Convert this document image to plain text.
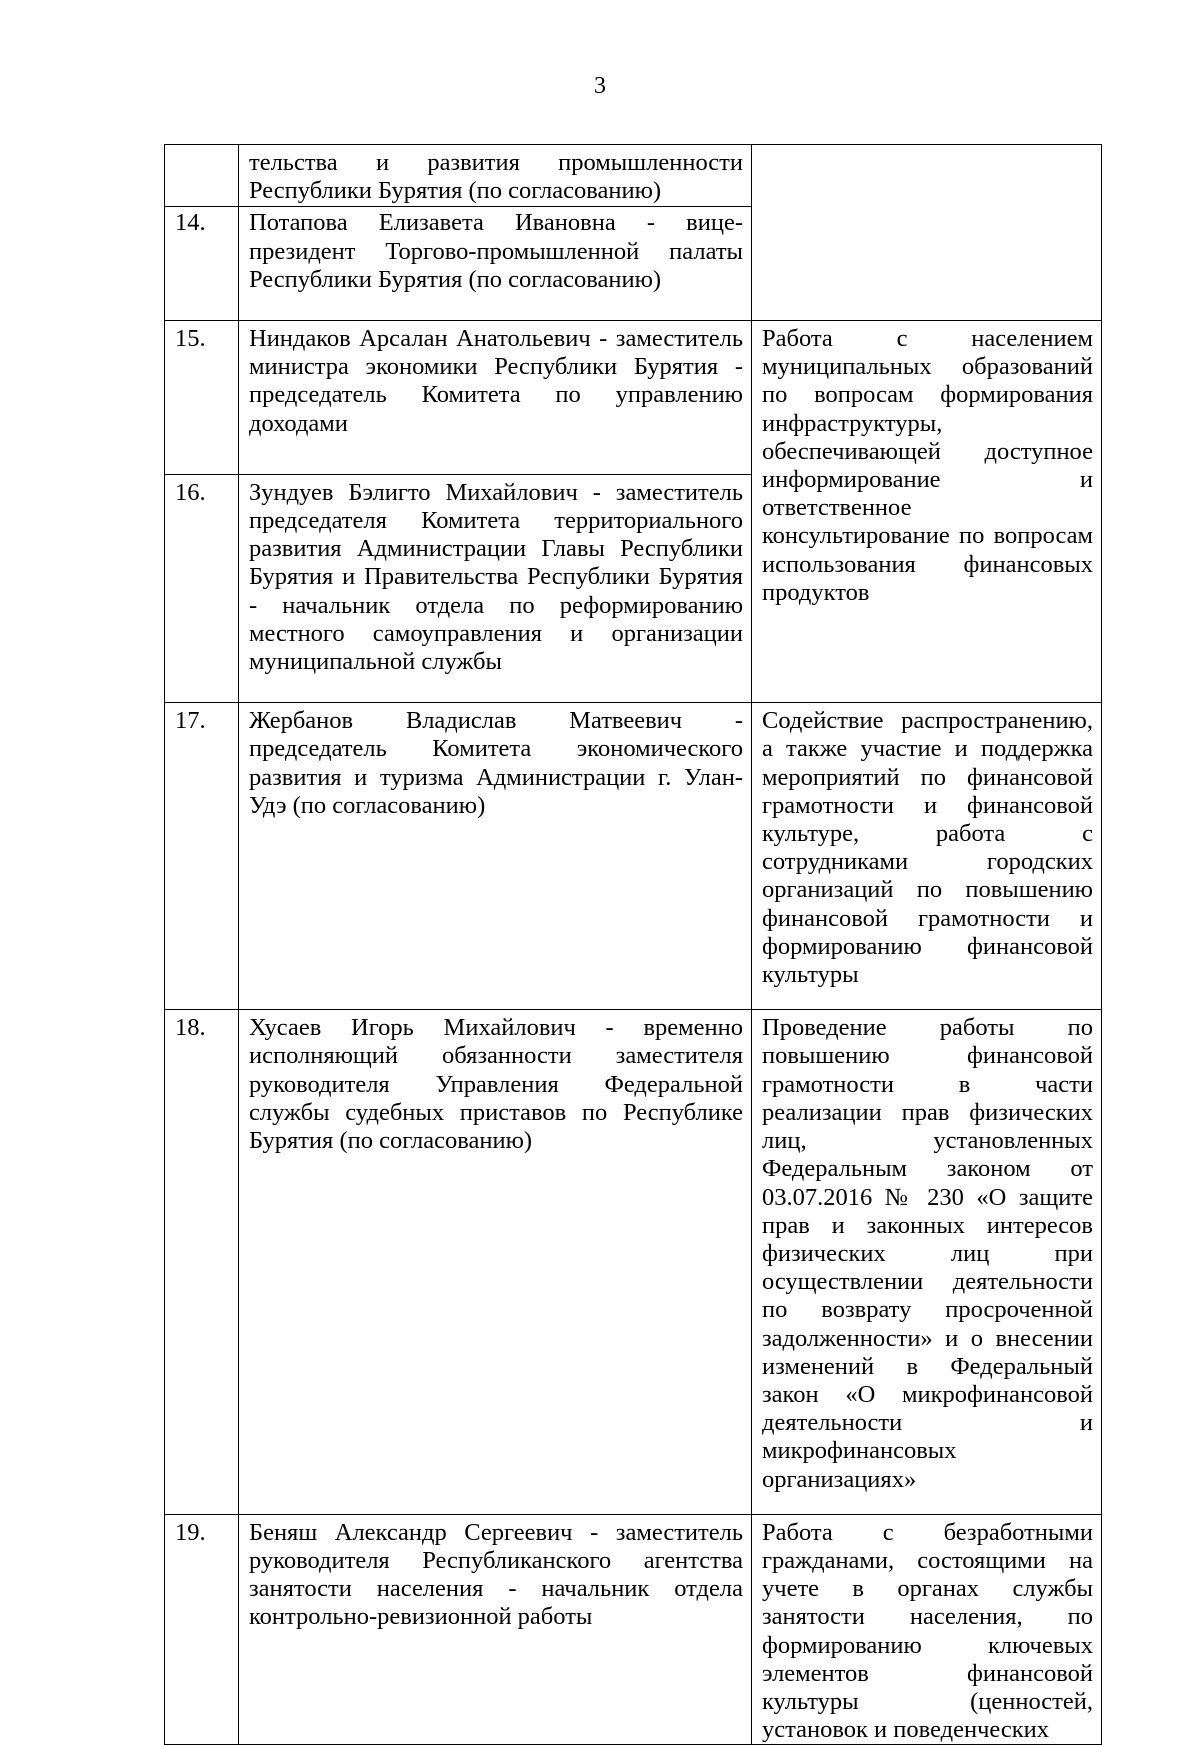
3
	тельства и развития промышленности Республики Бурятия (по согласованию)	
14.	Потапова Елизавета Ивановна - вице-президент Торгово-промышленной палаты Республики Бурятия (по согласованию)	
15.	Ниндаков Арсалан Анатольевич - заместитель министра экономики Республики Бурятия - председатель Комитета по управлению доходами	Работа с населением муниципальных образований по вопросам формирования инфраструктуры, обеспечивающей доступное информирование и ответственное консультирование по вопросам использования финансовых продуктов
16.	Зундуев Бэлигто Михайлович - заместитель председателя Комитета территориального развития Администрации Главы Республики Бурятия и Правительства Республики Бурятия - начальник отдела по реформированию местного самоуправления и организации муниципальной службы	
17.	Жербанов Владислав Матвеевич - председатель Комитета экономического развития и туризма Администрации г. Улан-Удэ (по согласованию)	Содействие распространению, а также участие и поддержка мероприятий по финансовой грамотности и финансовой культуре, работа с сотрудниками городских организаций по повышению финансовой грамотности и формированию финансовой культуры
18.	Хусаев Игорь Михайлович - временно исполняющий обязанности заместителя руководителя Управления Федеральной службы судебных приставов по Республике Бурятия (по согласованию)	Проведение работы по повышению финансовой грамотности в части реализации прав физических лиц, установленных Федеральным законом от 03.07.2016 № 230 «О защите прав и законных интересов физических лиц при осуществлении деятельности по возврату просроченной задолженности» и о внесении изменений в Федеральный закон «О микрофинансовой деятельности и микрофинансовых организациях»
19.	Беняш Александр Сергеевич - заместитель руководителя Республиканского агентства занятости населения - начальник отдела контрольно-ревизионной работы	Работа с безработными гражданами, состоящими на учете в органах службы занятости населения, по формированию ключевых элементов финансовой культуры (ценностей, установок и поведенческих
